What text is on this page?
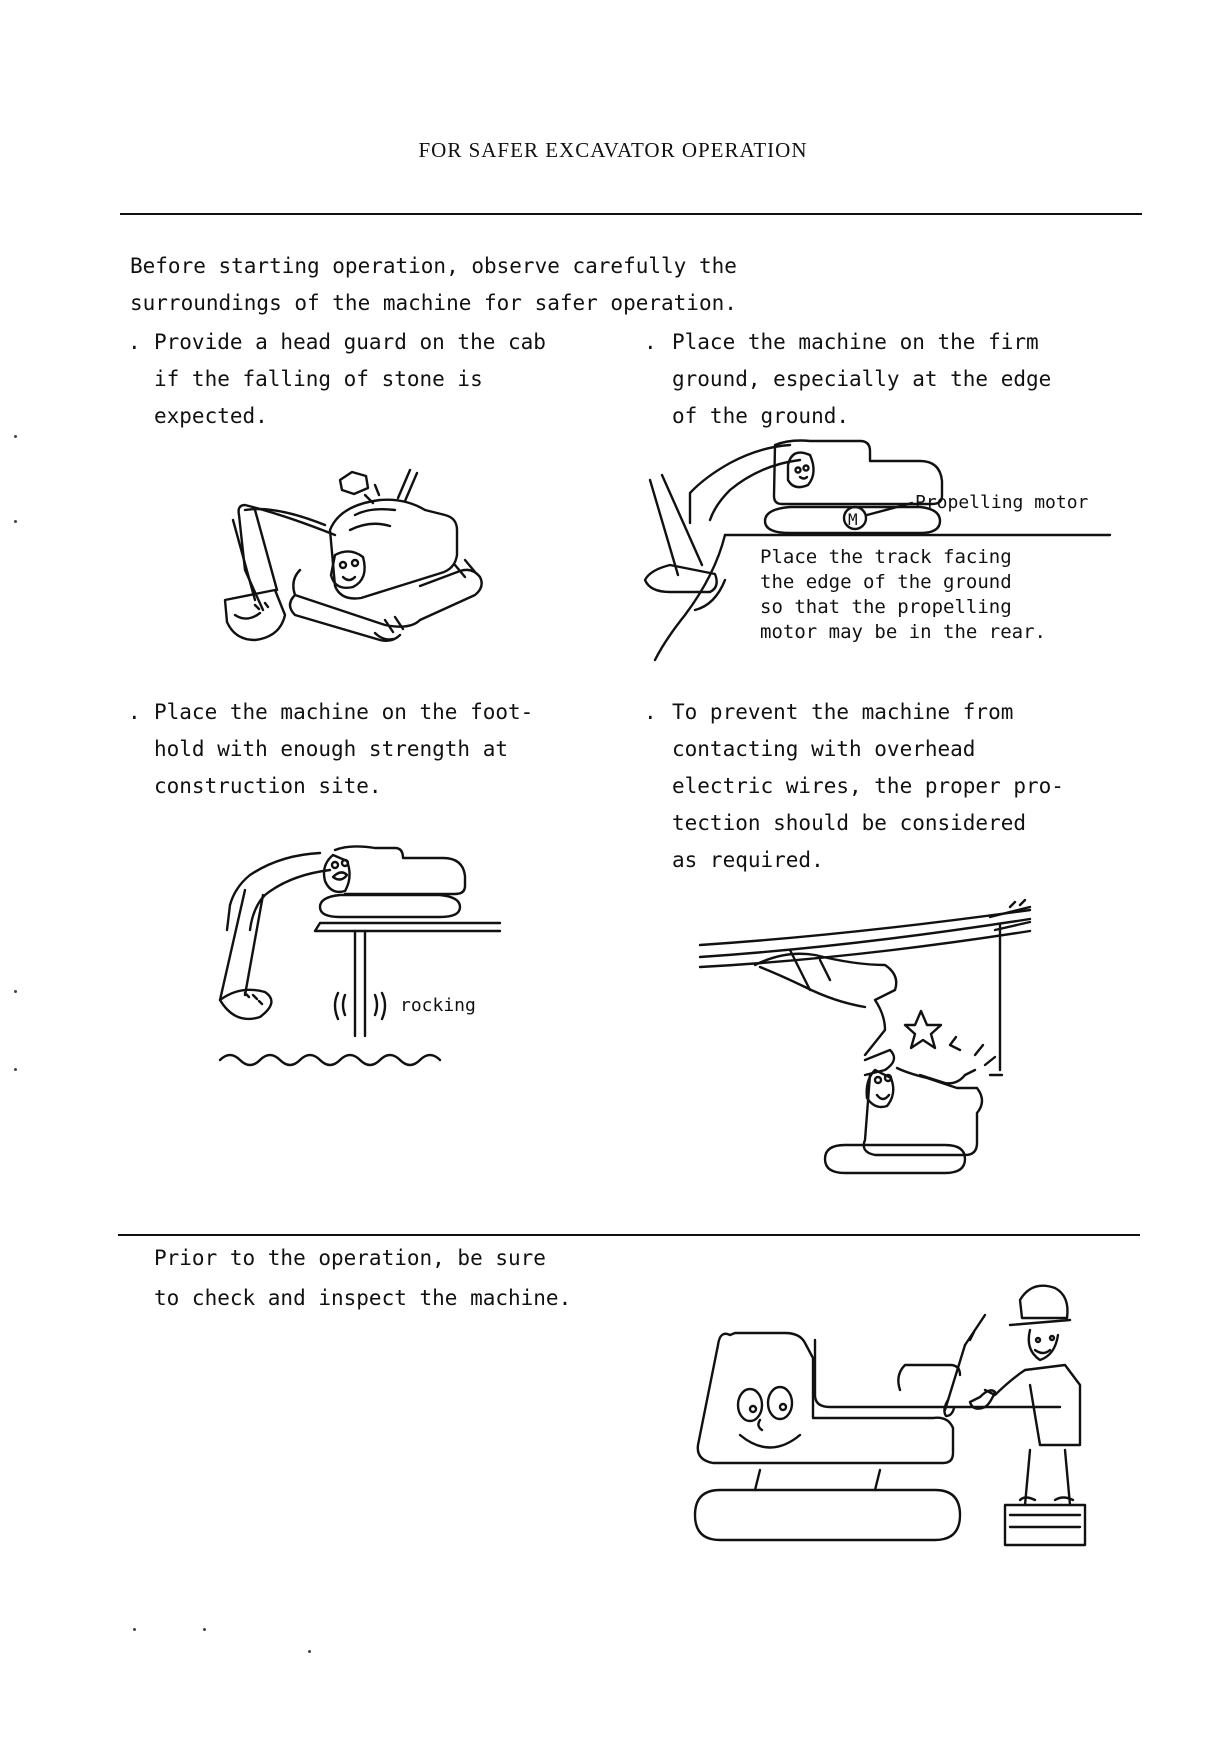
FOR SAFER EXCAVATOR OPERATION
Before starting operation, observe carefully the
surroundings of the machine for safer operation.
. Provide a head guard on the cab
if the falling of stone is
expected.
. Place the machine on the firm
ground, especially at the edge
of the ground.
M
Propelling motor
Place the track facing
the edge of the ground
so that the propelling
motor may be in the rear.
. Place the machine on the foot-
hold with enough strength at
construction site.
. To prevent the machine from
contacting with overhead
electric wires, the proper pro-
tection should be considered
as required.
rocking
Prior to the operation, be sure
to check and inspect the machine.
